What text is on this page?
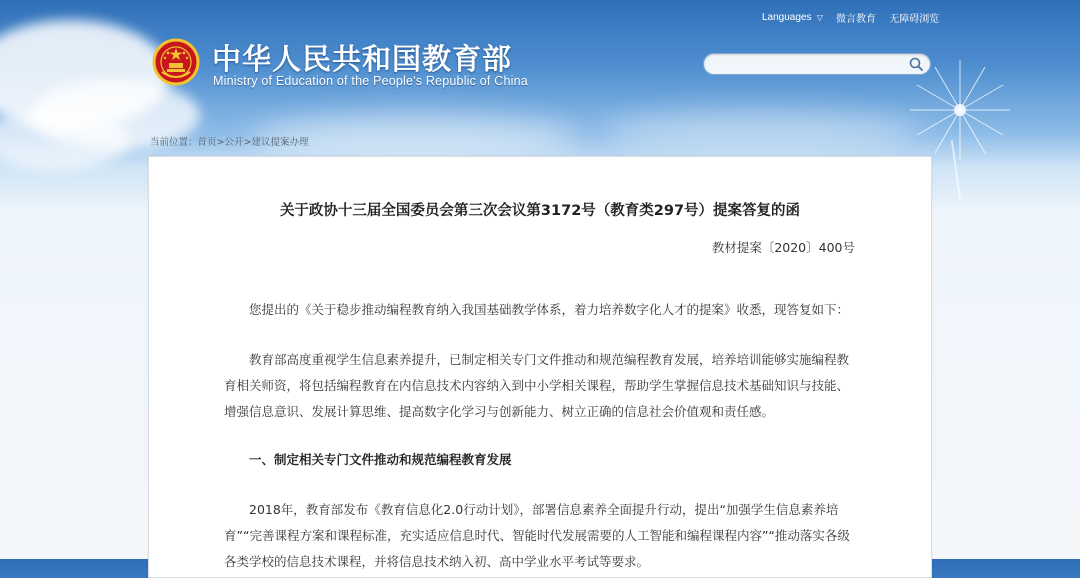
中华人民共和国教育部
Ministry of Education of the People's Republic of China
Languages ▽ 微言教育 无障碍浏览
当前位置：首页>公开>建议提案办理
关于政协十三届全国委员会第三次会议第3172号（教育类297号）提案答复的函
教材提案〔2020〕400号

您提出的《关于稳步推动编程教育纳入我国基础教学体系，着力培养数字化人才的提案》收悉，现答复如下：

教育部高度重视学生信息素养提升，已制定相关专门文件推动和规范编程教育发展，培养培训能够实施编程教育相关师资，将包括编程教育在内信息技术内容纳入到中小学相关课程，帮助学生掌握信息技术基础知识与技能、增强信息意识、发展计算思维、提高数字化学习与创新能力、树立正确的信息社会价值观和责任感。

一、制定相关专门文件推动和规范编程教育发展

2018年，教育部发布《教育信息化2.0行动计划》，部署信息素养全面提升行动，提出“加强学生信息素养培育”“完善课程方案和课程标准，充实适应信息时代、智能时代发展需要的人工智能和编程课程内容”“推动落实各级各类学校的信息技术课程，并将信息技术纳入初、高中学业水平考试等要求。
